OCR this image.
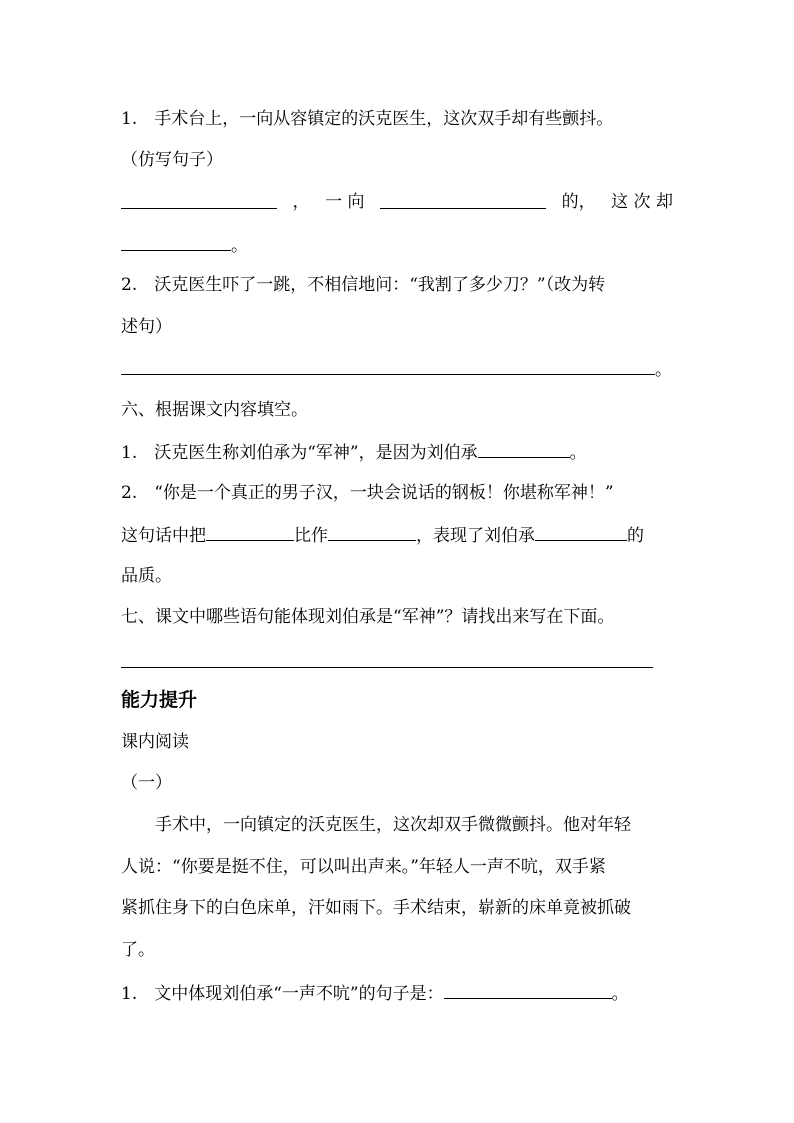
1.　手术台上，一向从容镇定的沃克医生，这次双手却有些颤抖。
（仿写句子）
， 一 向	的， 这 次 却
。
2.　沃克医生吓了一跳，不相信地问：“我割了多少刀？”（改为转
述句）
。
六、根据课文内容填空。
1.　沃克医生称刘伯承为“军神”，是因为刘伯承	。
2.　“你是一个真正的男子汉，一块会说话的钢板！你堪称军神！”
这句话中把	比作	，表现了刘伯承	的
品质。
七、课文中哪些语句能体现刘伯承是“军神”？请找出来写在下面。
能力提升
课内阅读
（一）
手术中，一向镇定的沃克医生，这次却双手微微颤抖。他对年轻
人说：“你要是挺不住，可以叫出声来。”年轻人一声不吭，双手紧
紧抓住身下的白色床单，汗如雨下。手术结束，崭新的床单竟被抓破
了。
1.　文中体现刘伯承“一声不吭”的句子是：	。
